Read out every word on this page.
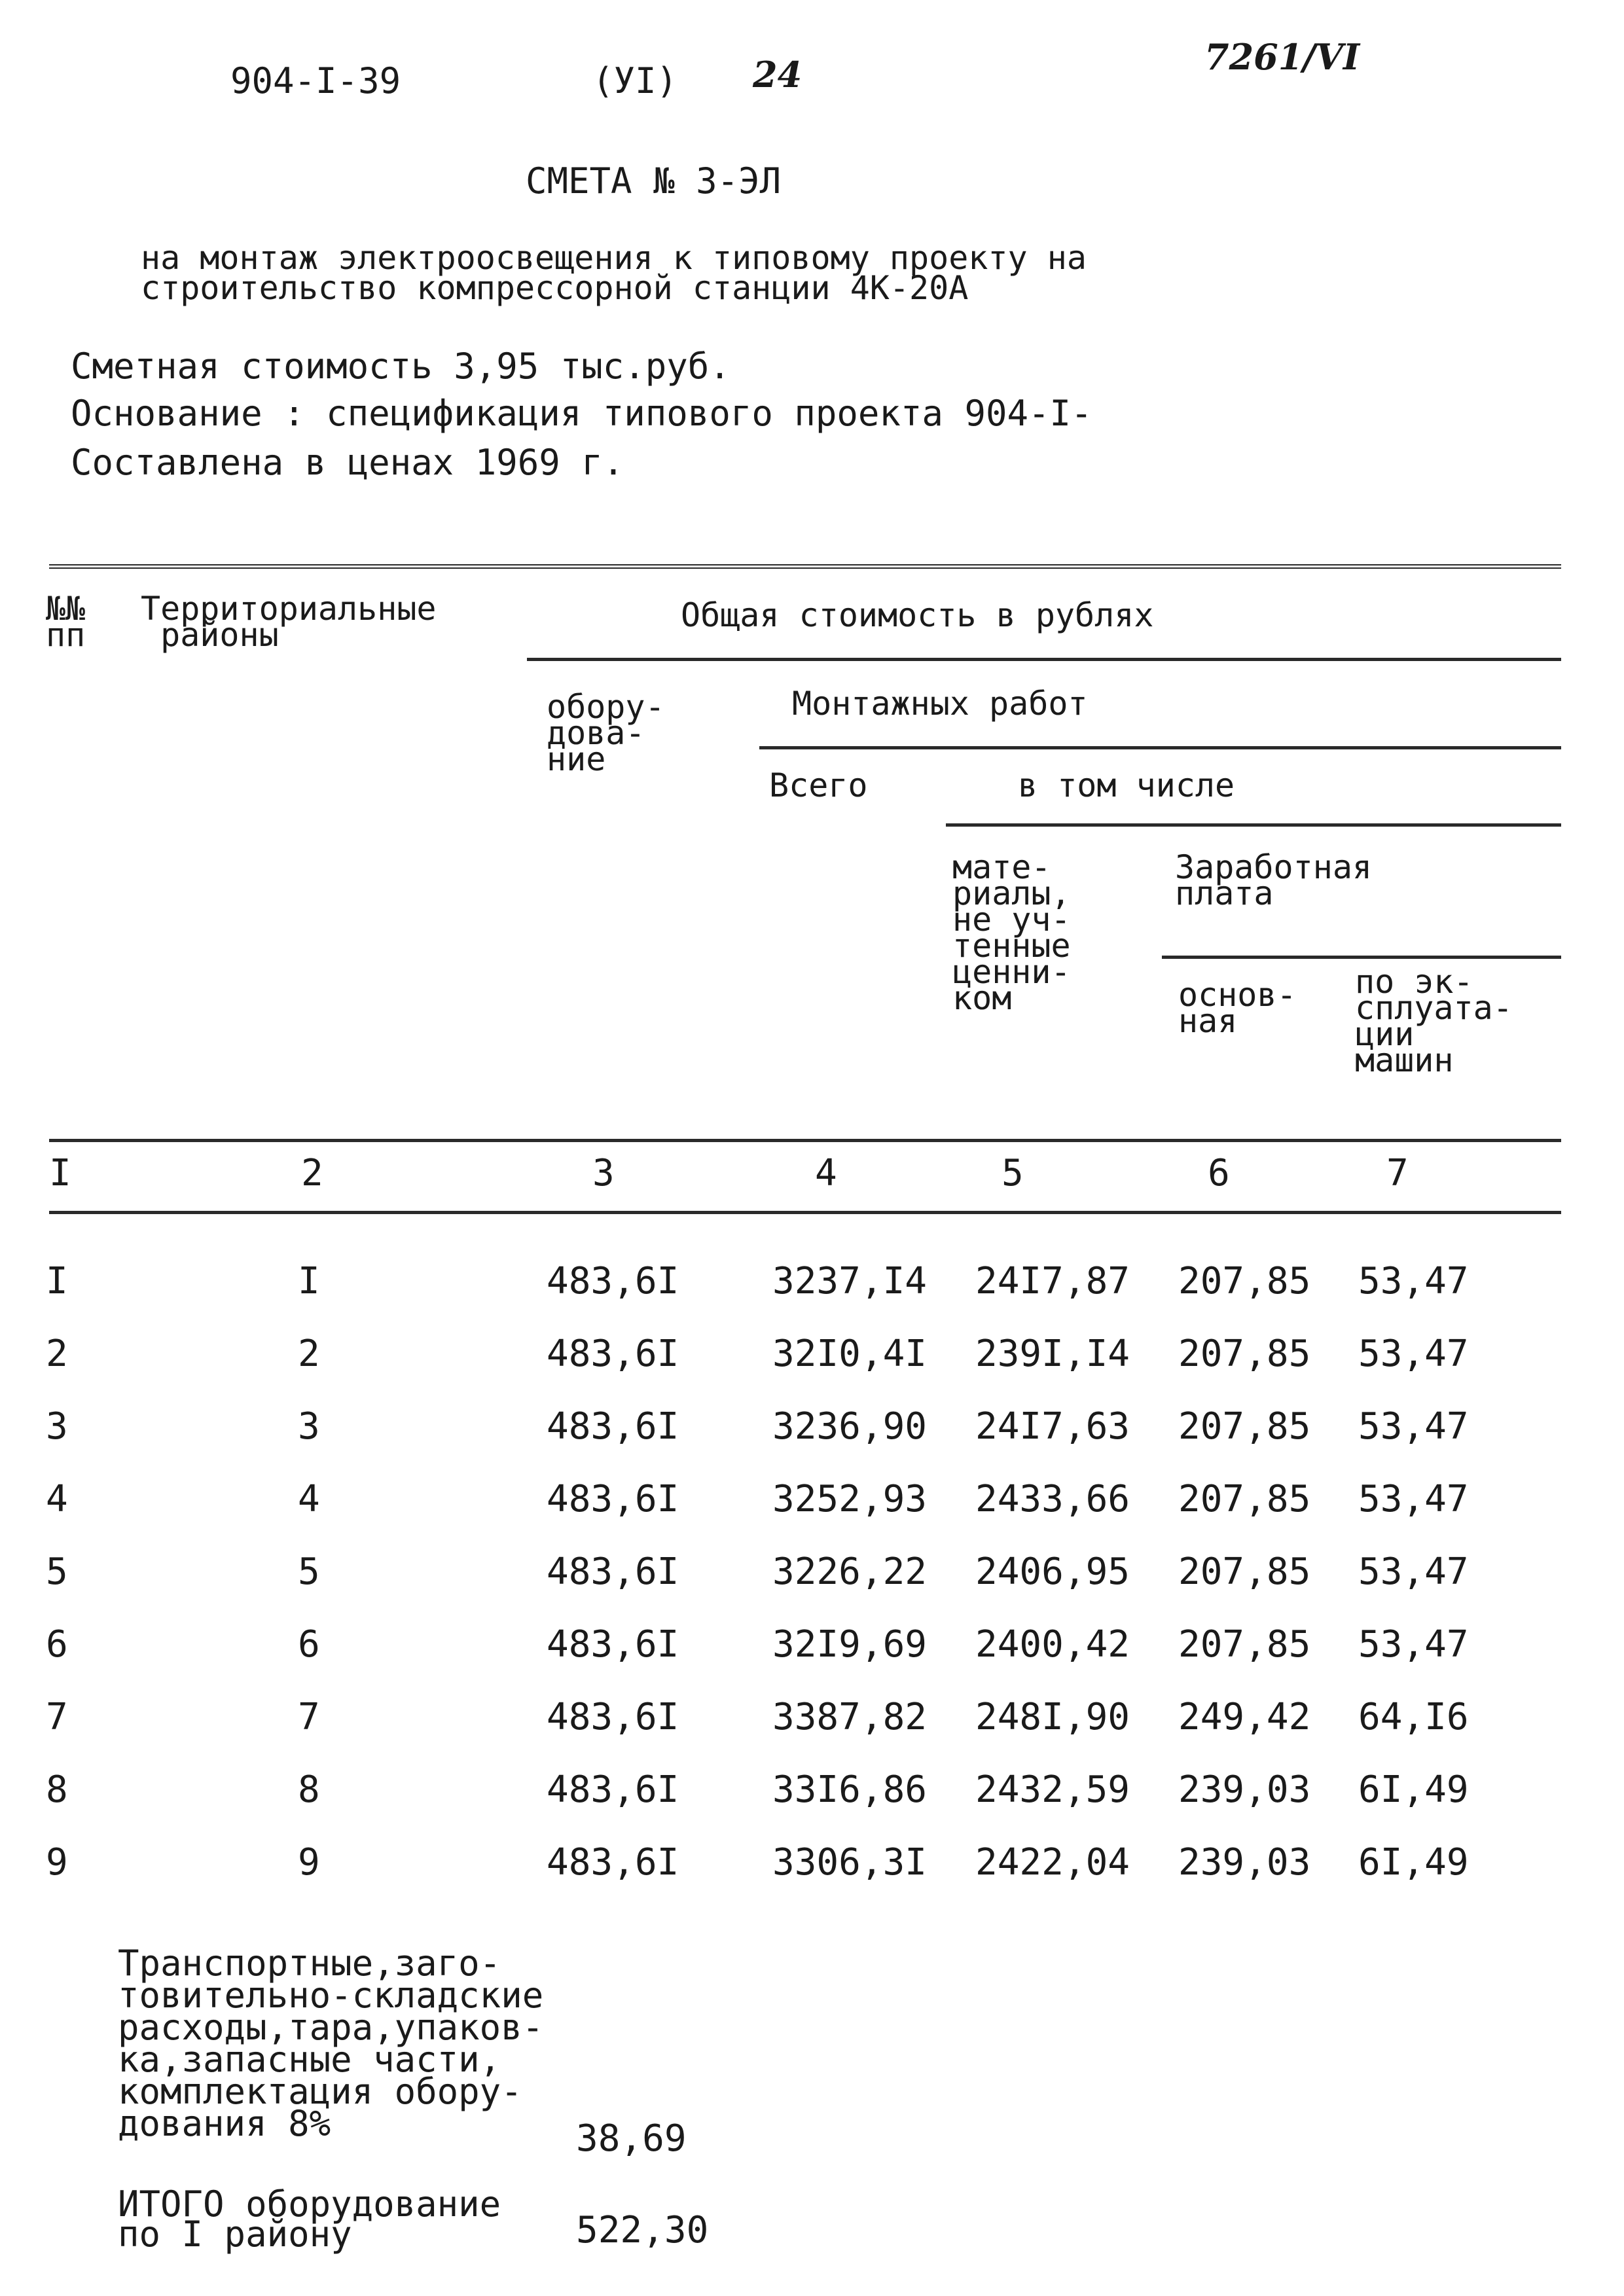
904-I-39	(УI) 24	7261/VI
СМЕТА № 3-ЭЛ
на монтаж электроосвещения к типовому проекту на
строительство компрессорной станции 4К-20А
Сметная стоимость 3,95 тыс.руб.
Основание : спецификация типового проекта 904-I-
Составлена в ценах 1969 г.
№№
пп
Территориальные
районы
Общая стоимость в рублях
обору-
дова-
ние
Монтажных работ
Всего	в том числе
мате-
риалы,
не уч-
тенные
ценни-
ком
Заработная
плата
основ-
ная
по эк-
сплуата-
ции
машин
I	2	3	4	5	6	7
I	I	483,6I	3237,I4 24I7,87 207,85 53,47
2	2	483,6I	32I0,4I 239I,I4 207,85 53,47
3	3	483,6I	3236,90 24I7,63 207,85 53,47
4	4	483,6I	3252,93 2433,66 207,85 53,47
5	5	483,6I	3226,22 2406,95 207,85 53,47
6	6	483,6I	32I9,69 2400,42 207,85 53,47
7	7	483,6I	3387,82 248I,90 249,42 64,I6
8	8	483,6I	33I6,86 2432,59 239,03 6I,49
9	9	483,6I	3306,3I 2422,04 239,03 6I,49
Транспортные,заго-
товительно-складские
расходы,тара,упаков-
ка,запасные части,
комплектация обору-
дования 8%	38,69
ИТОГО оборудование
по I району	522,30
